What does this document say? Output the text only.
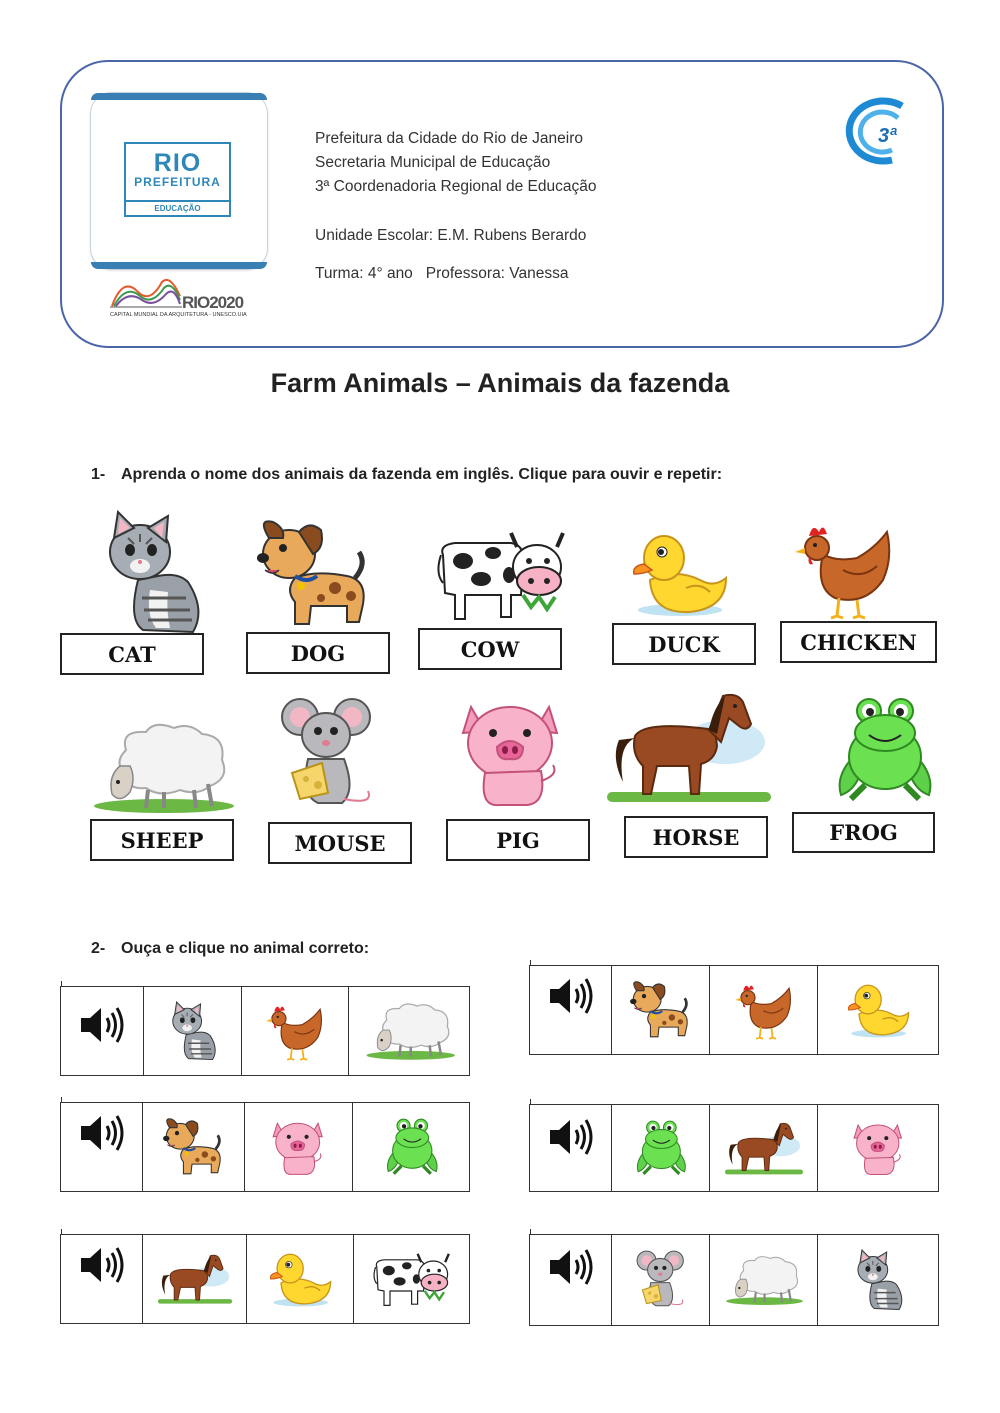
RIO
PREFEITURA
EDUCAÇÃO
RIO2020
CAPITAL MUNDIAL DA ARQUITETURA - UNESCO.UIA
Prefeitura da Cidade do Rio de Janeiro
Secretaria Municipal de Educação
3ª Coordenadoria Regional de Educação
Unidade Escolar: E.M. Rubens Berardo
Turma: 4° ano Professora: Vanessa
3ª
Farm Animals – Animais da fazenda
1- Aprenda o nome dos animais da fazenda em inglês. Clique para ouvir e repetir:
CAT	DOG	COW	DUCK	CHICKEN
SHEEP	MOUSE	PIG	HORSE	FROG
2- Ouça e clique no animal correto:
